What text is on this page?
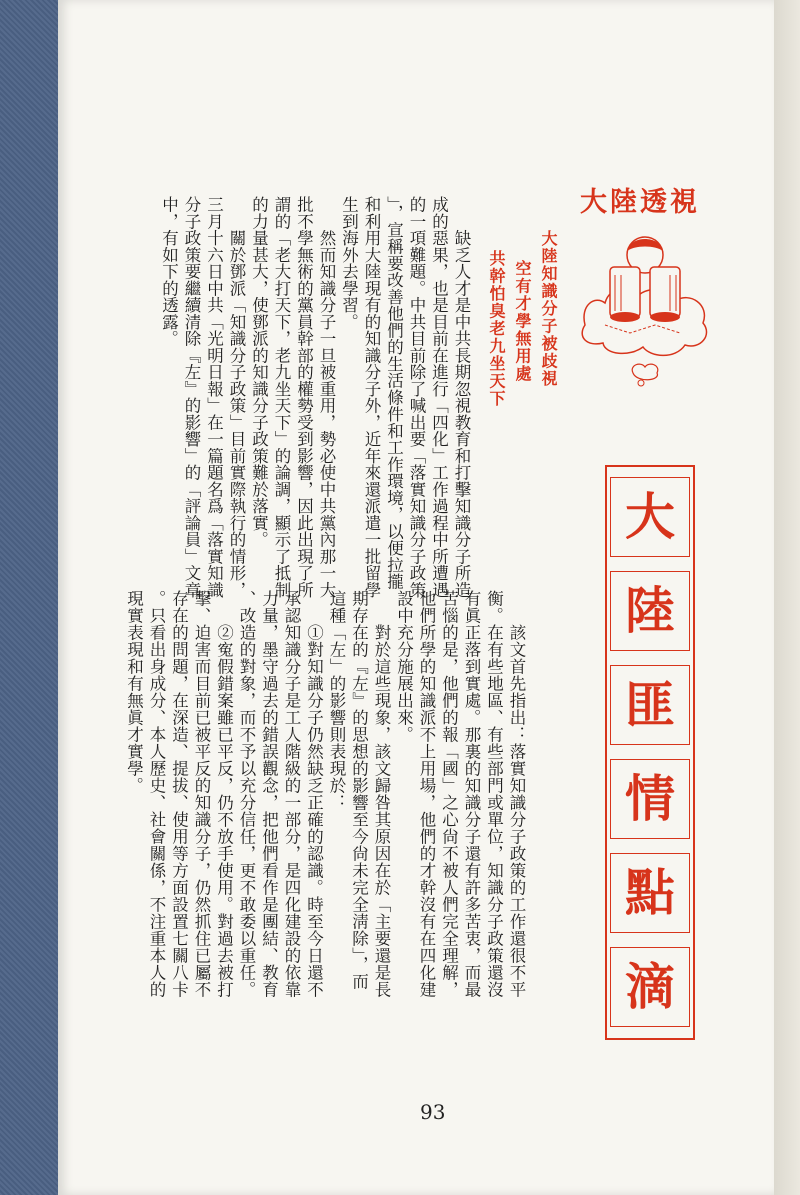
　　缺乏人才是中共長期忽視教育和打擊知識分子所造
成的惡果，也是目前在進行「四化」工作過程中所遭遇
的一項難題。中共目前除了喊出要「落實知識分子政策
」，宣稱要改善他們的生活條件和工作環境，以便拉攏
和利用大陸現有的知識分子外，近年來還派遣一批留學
生到海外去學習。
　　然而知識分子一旦被重用，勢必使中共黨內那一大
批不學無術的黨員幹部的權勢受到影響，因此出現了所
謂的「老大打天下，老九坐天下」的論調，顯示了抵制
的力量甚大，使鄧派的知識分子政策難於落實。
　　關於鄧派「知識分子政策」目前實際執行的情形，
三月十六日中共「光明日報」在一篇題名爲「落實知識
分子政策要繼續清除『左』的影響」的「評論員」文章
中，有如下的透露。
　　該文首先指出：落實知識分子政策的工作還很不平
衡。在有些地區、有些部門或單位，知識分子政策還沒
有眞正落到實處。那裏的知識分子還有許多苦衷，而最
苦惱的是，他們的報「國」之心尙不被人們完全理解，
他們所學的知識派不上用場，他們的才幹沒有在四化建
設中充分施展出來。
　　對於這些現象，該文歸咎其原因在於「主要還是長
期存在的『左』的思想的影響至今尙未完全淸除」，而
這種「左」的影響則表現於：
　　①對知識分子仍然缺乏正確的認識。時至今日還不
承認知識分子是工人階級的一部分，是四化建設的依靠
力量，墨守過去的錯誤觀念，把他們看作是團結、教育
、改造的對象，而不予以充分信任，更不敢委以重任。
　　②寃假錯案雖已平反，仍不放手使用。對過去被打
擊、迫害而目前已被平反的知識分子，仍然抓住已屬不
存在的問題，在深造、提拔、使用等方面設置七關八卡
。只看出身成分、本人歷史、社會關係，不注重本人的
現實表現和有無眞才實學。
大陸透視
大陸知識分子被歧視
空有才學無用處
共幹怕臭老九坐天下
大
陸
匪
情
點
滴
93
